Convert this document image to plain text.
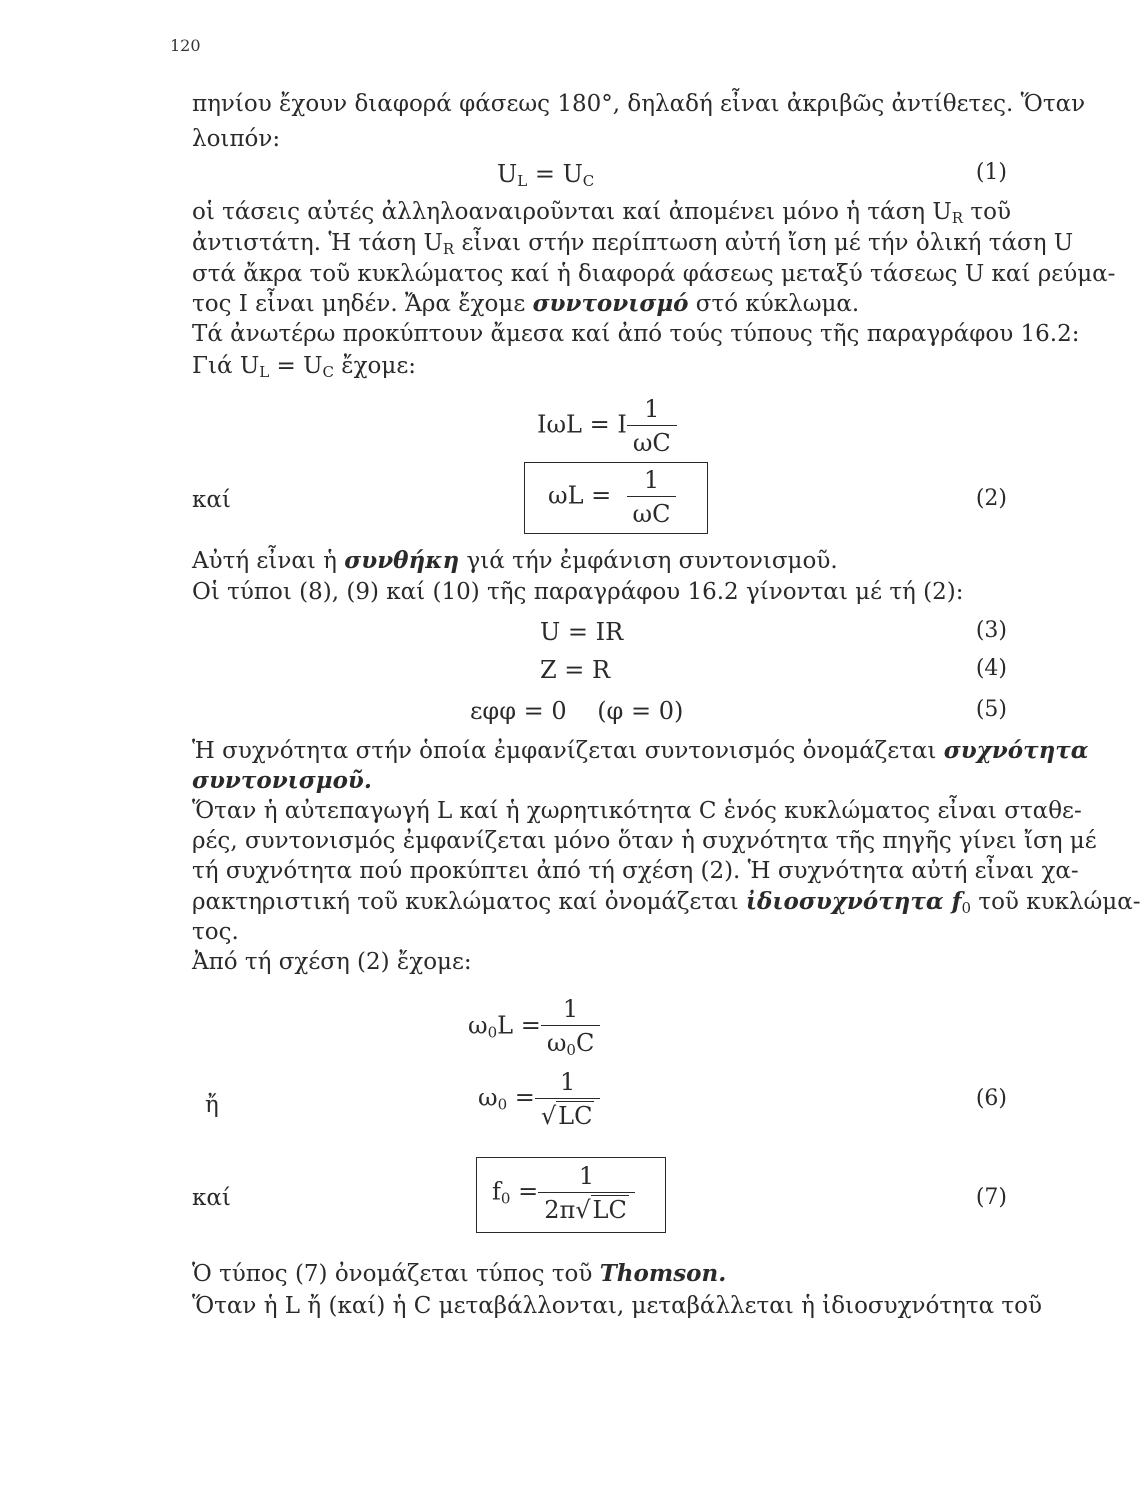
120
πηνίου ἔχουν διαφορά φάσεως 180°, δηλαδή εἶναι ἀκριβῶς ἀντίθετες. Ὅταν
λοιπόν:
$U_L = U_C$	(1)
οἱ τάσεις αὐτές ἀλληλοαναιροῦνται καί ἀπομένει μόνο ἡ τάση $U_R$ τοῦ
ἀντιστάτη. Ἡ τάση $U_R$ εἶναι στήν περίπτωση αὐτή ἴση μέ τήν ὁλική τάση U
στά ἄκρα τοῦ κυκλώματος καί ἡ διαφορά φάσεως μεταξύ τάσεως U καί ρεύμα-
τος I εἶναι μηδέν. Ἄρα ἔχομε συντονισμό στό κύκλωμα.
Τά ἀνωτέρω προκύπτουν ἄμεσα καί ἀπό τούς τύπους τῆς παραγράφου 16.2:
Γιά $U_L = U_C$ ἔχομε:
IωL = I $\frac{1}{\omega C}$
καί	$\omega L = \frac{1}{\omega C}$	(2)
Αὐτή εἶναι ἡ συνθήκη γιά τήν ἐμφάνιση συντονισμοῦ.
Οἱ τύποι (8), (9) καί (10) τῆς παραγράφου 16.2 γίνονται μέ τή (2):
U = IR	(3)
Z = R	(4)
εφφ = 0    (φ = 0)	(5)
Ἡ συχνότητα στήν ὁποία ἐμφανίζεται συντονισμός ὀνομάζεται συχνότητα
συντονισμοῦ.
Ὅταν ἡ αὐτεπαγωγή L καί ἡ χωρητικότητα C ἑνός κυκλώματος εἶναι σταθε-
ρές, συντονισμός ἐμφανίζεται μόνο ὅταν ἡ συχνότητα τῆς πηγῆς γίνει ἴση μέ
τή συχνότητα πού προκύπτει ἀπό τή σχέση (2). Ἡ συχνότητα αὐτή εἶναι χα-
ρακτηριστική τοῦ κυκλώματος καί ὀνομάζεται ἰδιοσυχνότητα $f_0$ τοῦ κυκλώμα-
τος.
Ἀπό τή σχέση (2) ἔχομε:
$\omega_0L = \frac{1}{\omega_0C}$
ἤ	$\omega_0 = \frac{1}{√LC}$	(6)
καί	$f_0 = \frac{1}{2\pi√LC}$	(7)
Ὁ τύπος (7) ὀνομάζεται τύπος τοῦ Thomson.
Ὅταν ἡ L ἤ (καί) ἡ C μεταβάλλονται, μεταβάλλεται ἡ ἰδιοσυχνότητα τοῦ
